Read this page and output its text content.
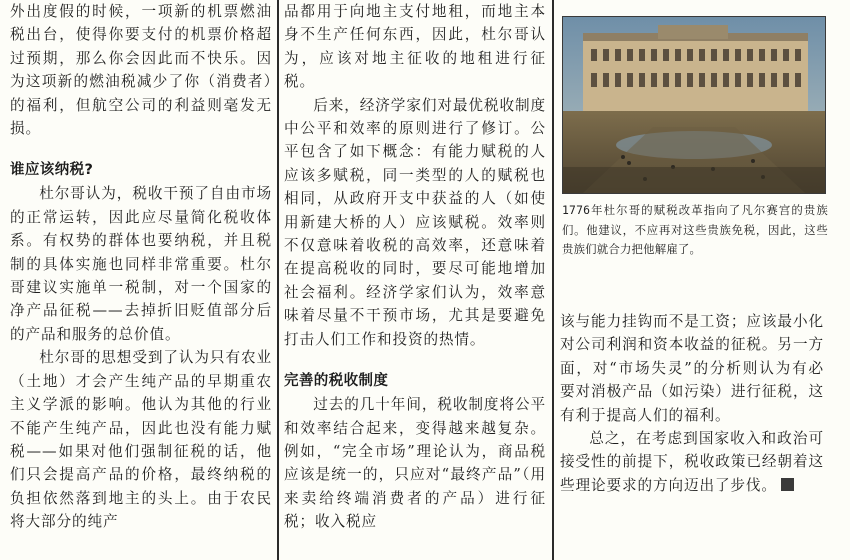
外出度假的时候，一项新的机票燃油税出台，使得你要支付的机票价格超过预期，那么你会因此而不快乐。因为这项新的燃油税减少了你（消费者）的福利，但航空公司的利益则毫发无损。

谁应该纳税?

杜尔哥认为，税收干预了自由市场的正常运转，因此应尽量简化税收体系。有权势的群体也要纳税，并且税制的具体实施也同样非常重要。杜尔哥建议实施单一税制，对一个国家的净产品征税——去掉折旧贬值部分后的产品和服务的总价值。

杜尔哥的思想受到了认为只有农业（土地）才会产生纯产品的早期重农主义学派的影响。他认为其他的行业不能产生纯产品，因此也没有能力赋税——如果对他们强制征税的话，他们只会提高产品的价格，最终纳税的负担依然落到地主的头上。由于农民将大部分的纯产

品都用于向地主支付地租，而地主本身不生产任何东西，因此，杜尔哥认为，应该对地主征收的地租进行征税。

后来，经济学家们对最优税收制度中公平和效率的原则进行了修订。公平包含了如下概念：有能力赋税的人应该多赋税，同一类型的人的赋税也相同，从政府开支中获益的人（如使用新建大桥的人）应该赋税。效率则不仅意味着收税的高效率，还意味着在提高税收的同时，要尽可能地增加社会福利。经济学家们认为，效率意味着尽量不干预市场，尤其是要避免打击人们工作和投资的热情。

完善的税收制度

过去的几十年间，税收制度将公平和效率结合起来，变得越来越复杂。例如，“完全市场”理论认为，商品税应该是统一的，只应对“最终产品”（用来卖给终端消费者的产品）进行征税；收入税应

1776年杜尔哥的赋税改革指向了凡尔赛宫的贵族们。他建议，不应再对这些贵族免税，因此，这些贵族们就合力把他解雇了。

该与能力挂钩而不是工资；应该最小化对公司利润和资本收益的征税。另一方面，对“市场失灵”的分析则认为有必要对消极产品（如污染）进行征税，这有利于提高人们的福利。

总之，在考虑到国家收入和政治可接受性的前提下，税收政策已经朝着这些理论要求的方向迈出了步伐。
